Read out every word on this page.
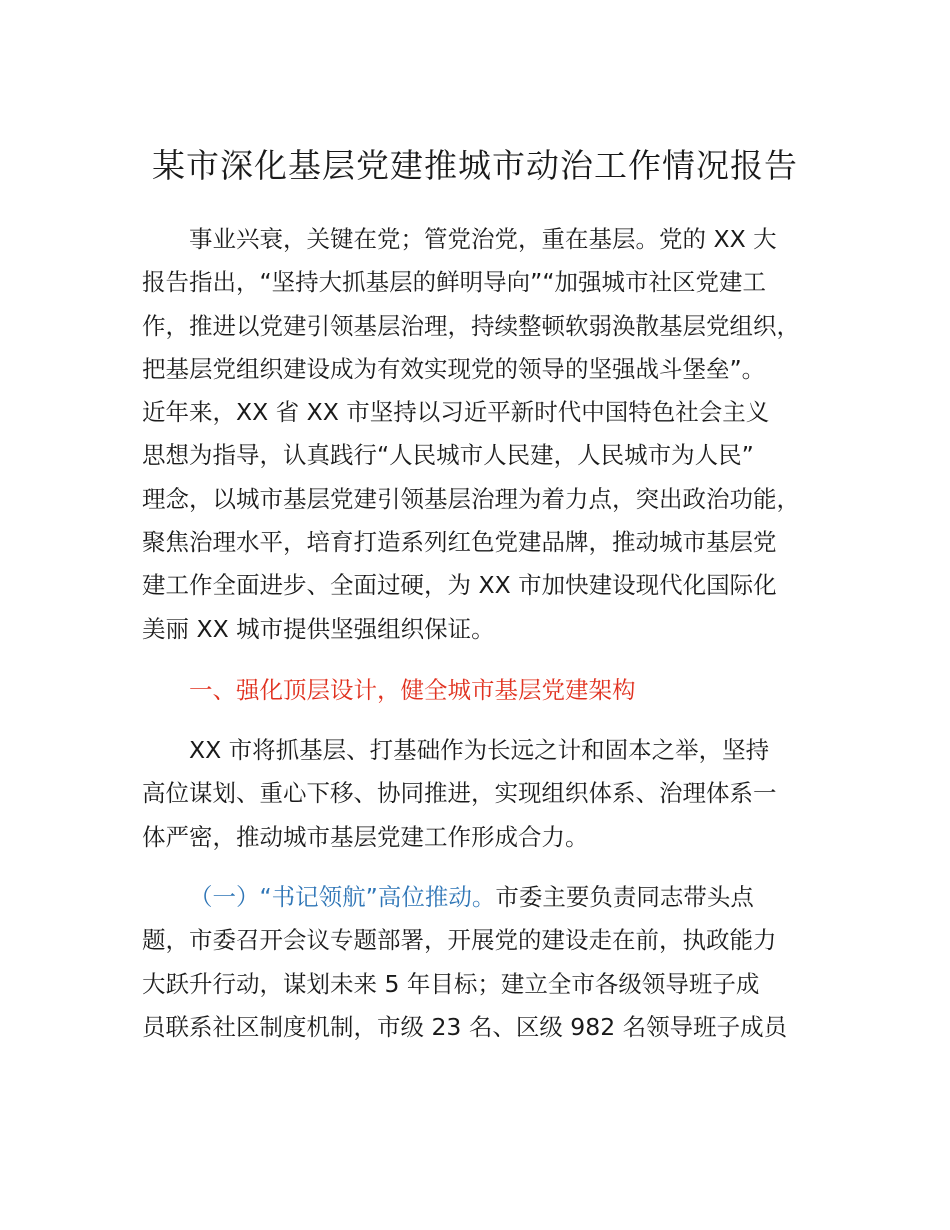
某市深化基层党建推城市动治工作情况报告
事业兴衰，关键在党；管党治党，重在基层。党的 XX 大
报告指出，“坚持大抓基层的鲜明导向”“加强城市社区党建工
作，推进以党建引领基层治理，持续整顿软弱涣散基层党组织，
把基层党组织建设成为有效实现党的领导的坚强战斗堡垒”。
近年来，XX 省 XX 市坚持以习近平新时代中国特色社会主义
思想为指导，认真践行“人民城市人民建，人民城市为人民”
理念，以城市基层党建引领基层治理为着力点，突出政治功能，
聚焦治理水平，培育打造系列红色党建品牌，推动城市基层党
建工作全面进步、全面过硬，为 XX 市加快建设现代化国际化
美丽 XX 城市提供坚强组织保证。
一、强化顶层设计，健全城市基层党建架构
XX 市将抓基层、打基础作为长远之计和固本之举，坚持
高位谋划、重心下移、协同推进，实现组织体系、治理体系一
体严密，推动城市基层党建工作形成合力。
（一）“书记领航”高位推动。市委主要负责同志带头点
题，市委召开会议专题部署，开展党的建设走在前，执政能力
大跃升行动，谋划未来 5 年目标；建立全市各级领导班子成
员联系社区制度机制，市级 23 名、区级 982 名领导班子成员
